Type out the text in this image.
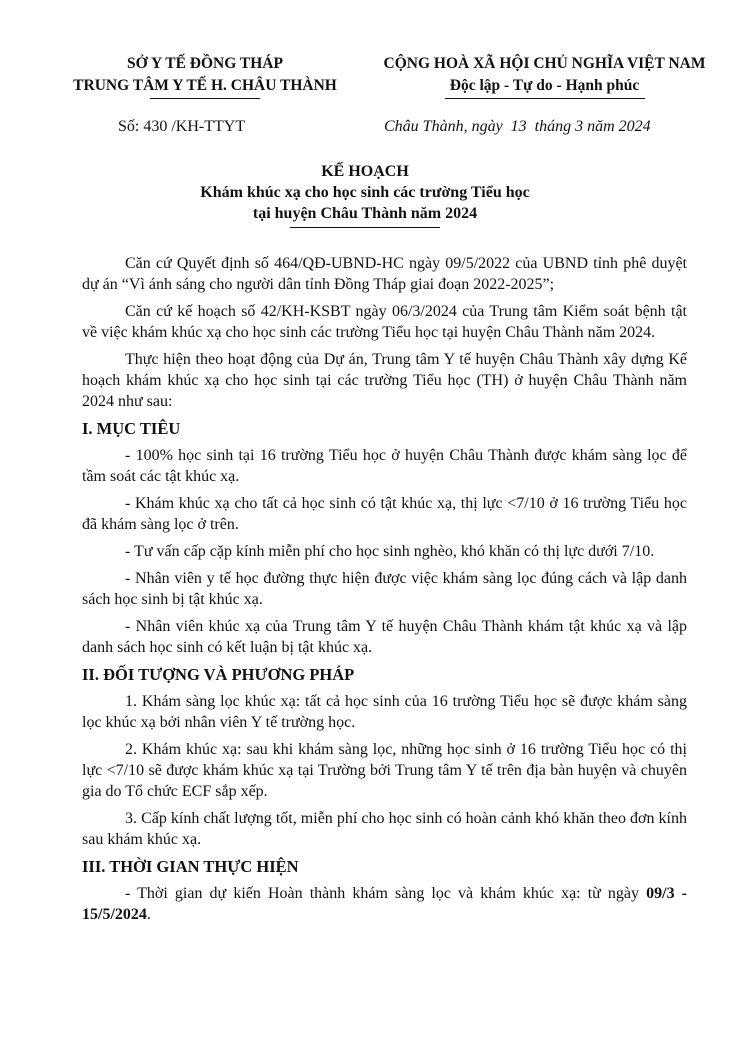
SỞ Y TẾ ĐỒNG THÁP
TRUNG TÂM Y TẾ H. CHÂU THÀNH
CỘNG HOÀ XÃ HỘI CHỦ NGHĨA VIỆT NAM
Độc lập - Tự do - Hạnh phúc
Số: 430 /KH-TTYT	Châu Thành, ngày  13  tháng 3 năm 2024
KẾ HOẠCH
Khám khúc xạ cho học sinh các trường Tiểu học
tại huyện Châu Thành năm 2024

Căn cứ Quyết định số 464/QĐ-UBND-HC ngày 09/5/2022 của UBND tỉnh phê duyệt dự án “Vì ánh sáng cho người dân tỉnh Đồng Tháp giai đoạn 2022-2025”;

Căn cứ kế hoạch số 42/KH-KSBT ngày 06/3/2024 của Trung tâm Kiểm soát bệnh tật về việc khám khúc xạ cho học sinh các trường Tiểu học tại huyện Châu Thành năm 2024.

Thực hiện theo hoạt động của Dự án, Trung tâm Y tế huyện Châu Thành xây dựng Kế hoạch khám khúc xạ cho học sinh tại các trường Tiểu học (TH) ở huyện Châu Thành năm 2024 như sau:

I. MỤC TIÊU

- 100% học sinh tại 16 trường Tiểu học ở huyện Châu Thành được khám sàng lọc để tầm soát các tật khúc xạ.

- Khám khúc xạ cho tất cả học sinh có tật khúc xạ, thị lực <7/10 ở 16 trường Tiểu học đã khám sàng lọc ở trên.

- Tư vấn cấp cặp kính miễn phí cho học sinh nghèo, khó khăn có thị lực dưới 7/10.

- Nhân viên y tế học đường thực hiện được việc khám sàng lọc đúng cách và lập danh sách học sinh bị tật khúc xạ.

- Nhân viên khúc xạ của Trung tâm Y tế huyện Châu Thành khám tật khúc xạ và lập danh sách học sinh có kết luận bị tật khúc xạ.

II. ĐỐI TƯỢNG VÀ PHƯƠNG PHÁP

1. Khám sàng lọc khúc xạ: tất cả học sinh của 16 trường Tiểu học sẽ được khám sàng lọc khúc xạ bởi nhân viên Y tế trường học.

2. Khám khúc xạ: sau khi khám sàng lọc, những học sinh ở 16 trường Tiểu học có thị lực <7/10 sẽ được khám khúc xạ tại Trường bởi Trung tâm Y tế trên địa bàn huyện và chuyên gia do Tổ chức ECF sắp xếp.

3. Cấp kính chất lượng tốt, miễn phí cho học sinh có hoàn cảnh khó khăn theo đơn kính sau khám khúc xạ.

III. THỜI GIAN THỰC HIỆN

- Thời gian dự kiến Hoàn thành khám sàng lọc và khám khúc xạ: từ ngày 09/3 - 15/5/2024.
